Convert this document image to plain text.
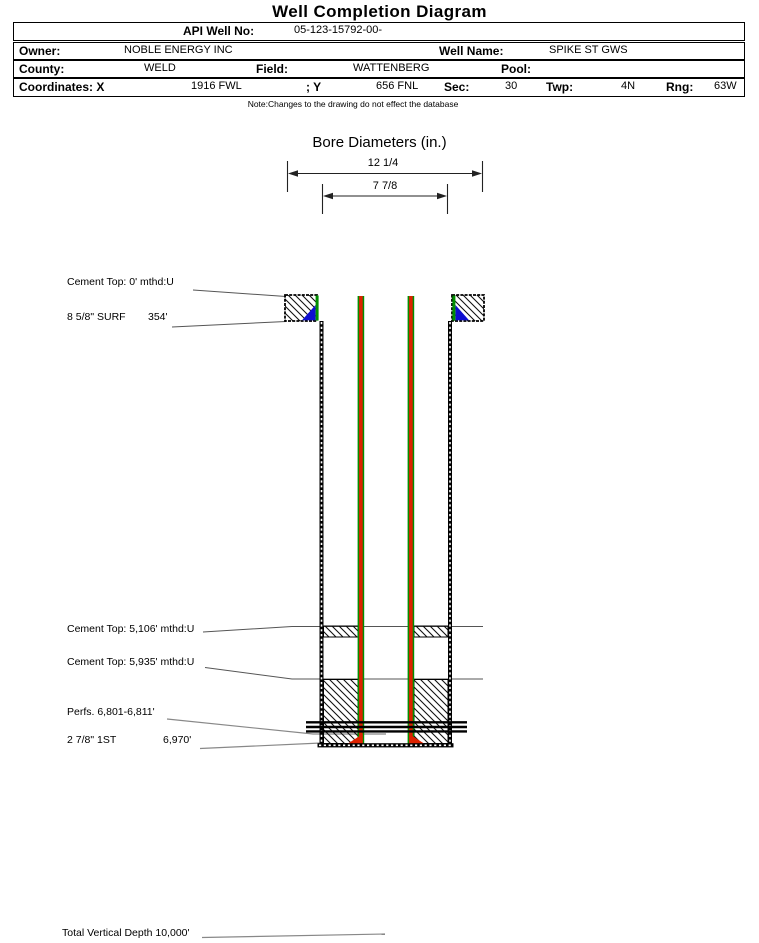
Well Completion Diagram
API Well No:	05-123-15792-00-
Owner:	NOBLE ENERGY INC	Well Name:	SPIKE ST GWS
County:	WELD	Field:	WATTENBERG	Pool:
Coordinates: X	1916 FWL	; Y	656 FNL Sec:	30 Twp:	4N	Rng: 63W
Note:Changes to the drawing do not effect the database
Bore Diameters (in.)
12 1/4
7 7/8
Cement Top: 0' mthd:U
8 5/8" SURF 354'
Cement Top: 5,106' mthd:U
Cement Top: 5,935' mthd:U
Perfs. 6,801-6,811'
2 7/8" 1ST	6,970'
Total Vertical Depth 10,000'
